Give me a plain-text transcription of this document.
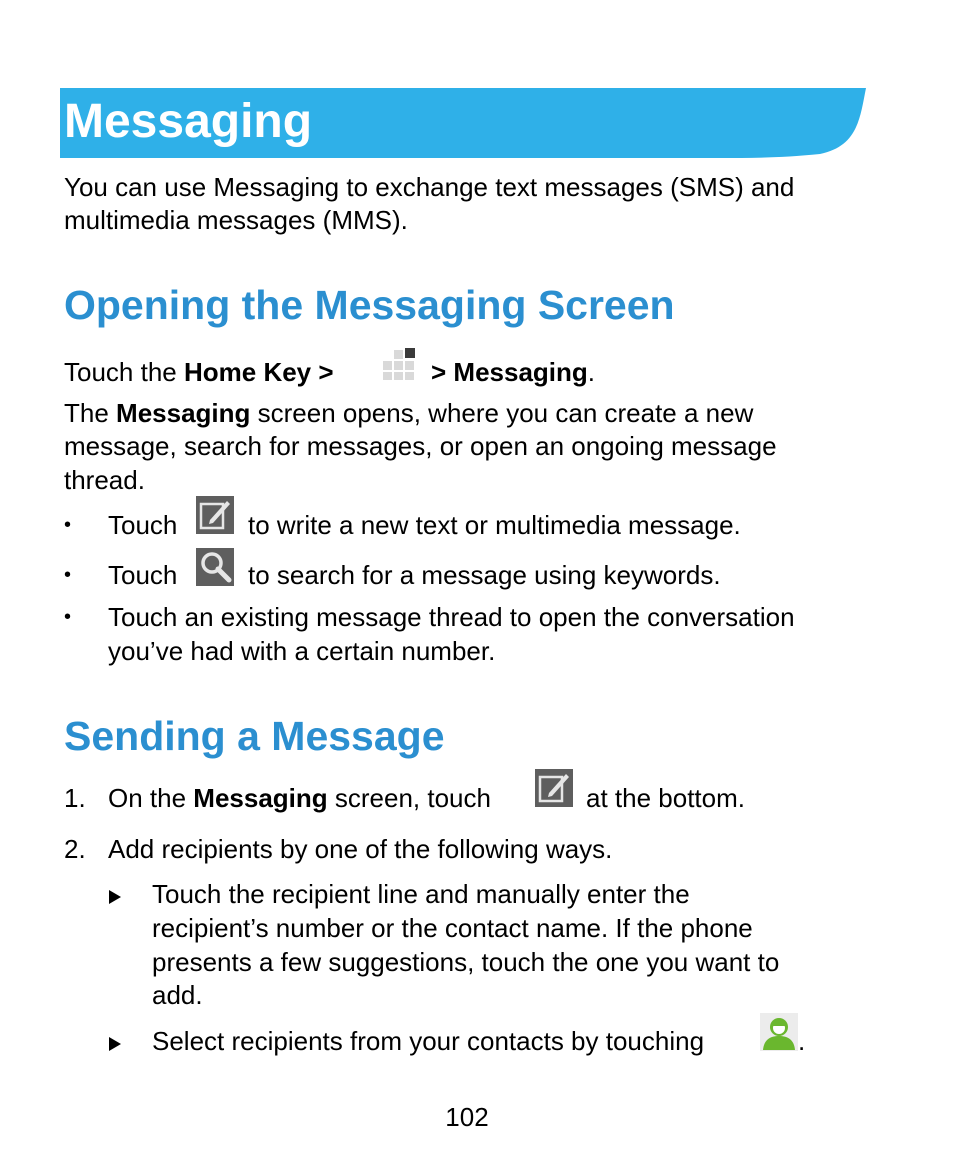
Messaging
You can use Messaging to exchange text messages (SMS) and
multimedia messages (MMS).
Opening the Messaging Screen
Touch the Home Key >	> Messaging.
The Messaging screen opens, where you can create a new
message, search for messages, or open an ongoing message
thread.
• Touch	to write a new text or multimedia message.
• Touch	to search for a message using keywords.
• Touch an existing message thread to open the conversation
you’ve had with a certain number.
Sending a Message
1. On the Messaging screen, touch	at the bottom.
2. Add recipients by one of the following ways.
Touch the recipient line and manually enter the
recipient’s number or the contact name. If the phone
presents a few suggestions, touch the one you want to
add.
Select recipients from your contacts by touching	.
102
